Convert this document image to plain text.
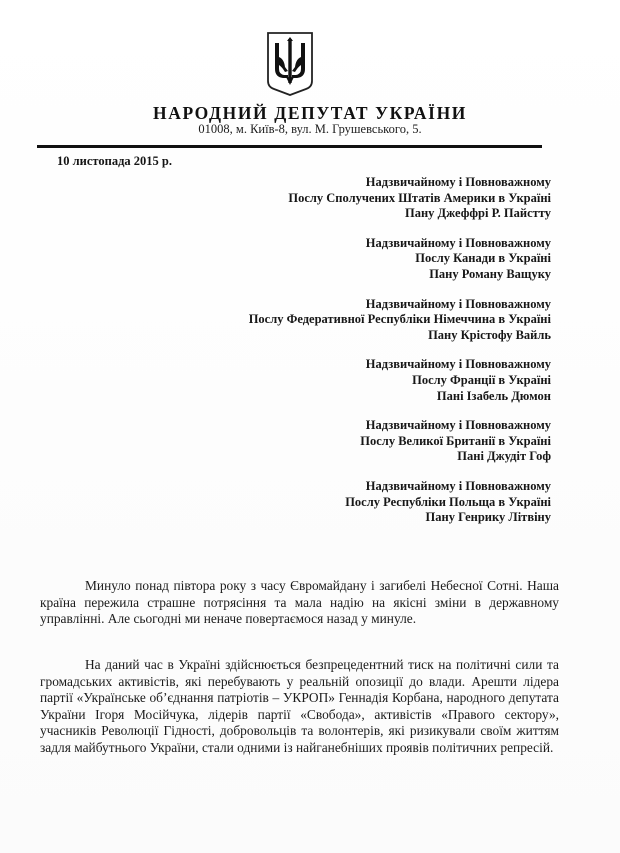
НАРОДНИЙ ДЕПУТАТ УКРАЇНИ
01008, м. Київ-8, вул. М. Грушевського, 5.
10 листопада 2015 р.
Надзвичайному і Повноважному
Послу Сполучених Штатів Америки в Україні
Пану Джеффрі Р. Пайстту
Надзвичайному і Повноважному
Послу Канади в Україні
Пану Роману Ващуку
Надзвичайному і Повноважному
Послу Федеративної Республіки Німеччина в Україні
Пану Крістофу Вайль
Надзвичайному і Повноважному
Послу Франції в Україні
Пані Ізабель Дюмон
Надзвичайному і Повноважному
Послу Великої Британії в Україні
Пані Джудіт Гоф
Надзвичайному і Повноважному
Послу Республіки Польща в Україні
Пану Генрику Літвіну

Минуло понад півтора року з часу Євромайдану і загибелі Небесної Сотні. Наша країна пережила страшне потрясіння та мала надію на якісні зміни в державному управлінні. Але сьогодні ми неначе повертаємося назад у минуле.

На даний час в Україні здійснюється безпрецедентний тиск на політичні сили та громадських активістів, які перебувають у реальній опозиції до влади. Арешти лідера партії «Українське об’єднання патріотів – УКРОП» Геннадія Корбана, народного депутата України Ігоря Мосійчука, лідерів партії «Свобода», активістів «Правого сектору», учасників Революції Гідності, добровольців та волонтерів, які ризикували своїм життям задля майбутнього України, стали одними із найганебніших проявів політичних репресій.
